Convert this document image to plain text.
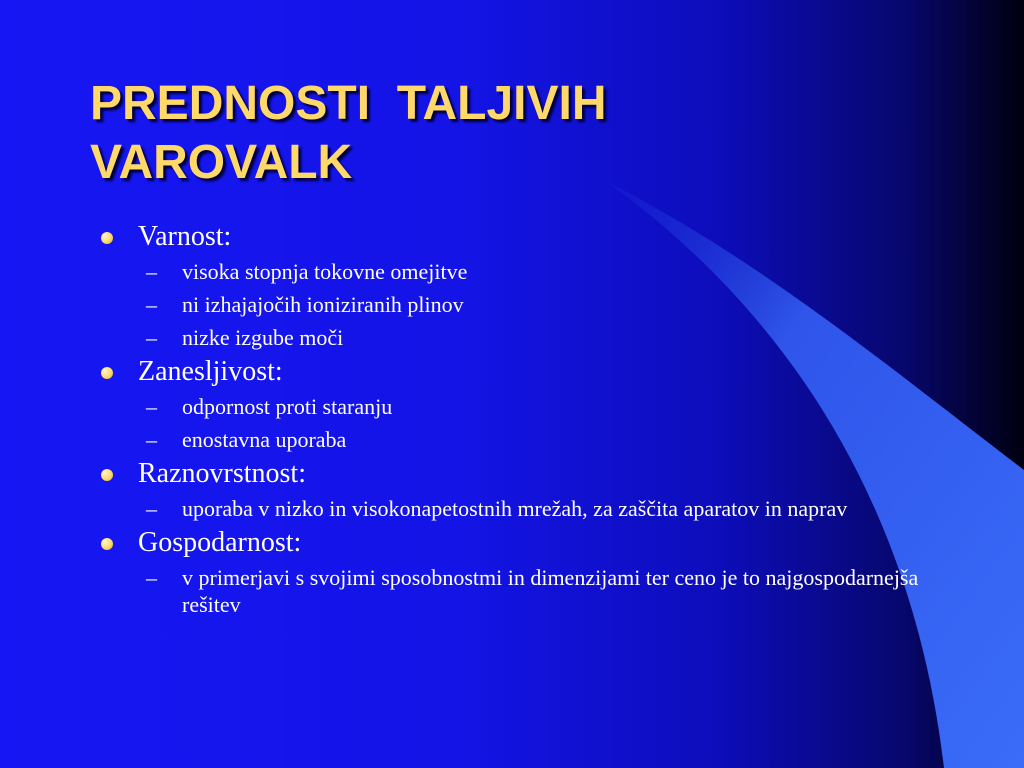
PREDNOSTI  TALJIVIH
VAROVALK
Varnost:
– visoka stopnja tokovne omejitve
– ni izhajajočih ioniziranih plinov
– nizke izgube moči
Zanesljivost:
– odpornost proti staranju
– enostavna uporaba
Raznovrstnost:
– uporaba v nizko in visokonapetostnih mrežah, za zaščita aparatov in naprav
Gospodarnost:
– v primerjavi s svojimi sposobnostmi in dimenzijami ter ceno je to najgospodarnejša rešitev
